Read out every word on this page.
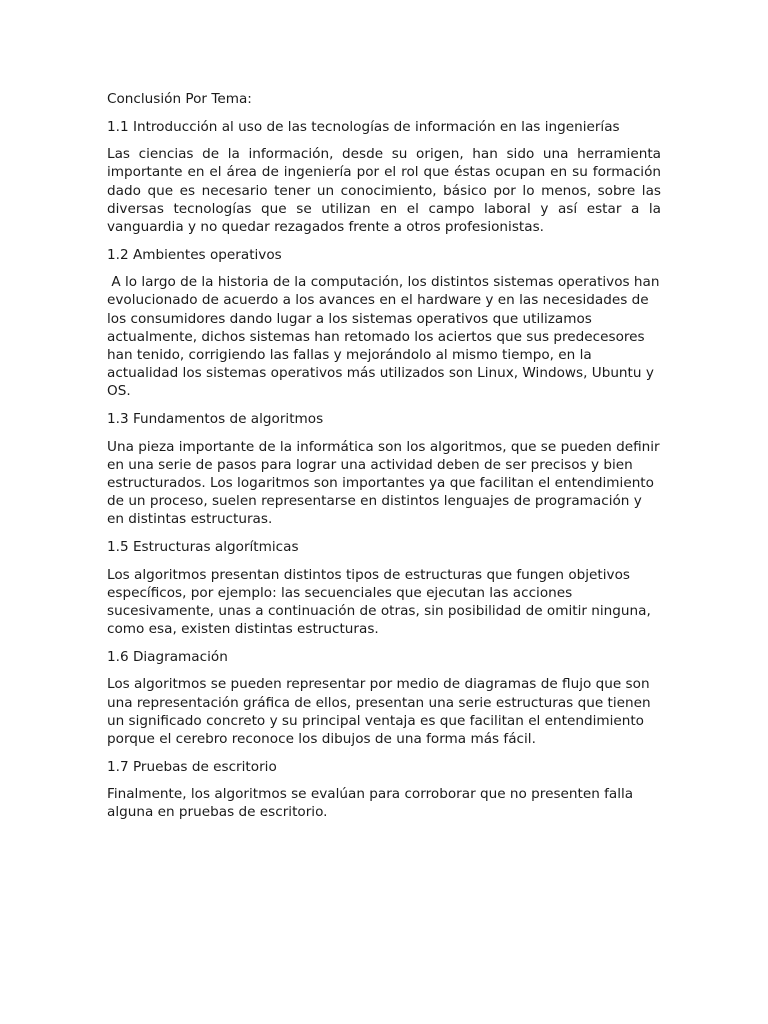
Conclusión Por Tema:

1.1 Introducción al uso de las tecnologías de información en las ingenierías

Las ciencias de la información, desde su origen, han sido una herramienta importante en el área de ingeniería por el rol que éstas ocupan en su formación dado que es necesario tener un conocimiento, básico por lo menos, sobre las diversas tecnologías que se utilizan en el campo laboral y así estar a la vanguardia y no quedar rezagados frente a otros profesionistas.

1.2 Ambientes operativos

A lo largo de la historia de la computación, los distintos sistemas operativos han evolucionado de acuerdo a los avances en el hardware y en las necesidades de los consumidores dando lugar a los sistemas operativos que utilizamos actualmente, dichos sistemas han retomado los aciertos que sus predecesores han tenido, corrigiendo las fallas y mejorándolo al mismo tiempo, en la actualidad los sistemas operativos más utilizados son Linux, Windows, Ubuntu y OS.

1.3 Fundamentos de algoritmos

Una pieza importante de la informática son los algoritmos, que se pueden definir en una serie de pasos para lograr una actividad deben de ser precisos y bien estructurados. Los logaritmos son importantes ya que facilitan el entendimiento de un proceso, suelen representarse en distintos lenguajes de programación y en distintas estructuras.

1.5 Estructuras algorítmicas

Los algoritmos presentan distintos tipos de estructuras que fungen objetivos específicos, por ejemplo: las secuenciales que ejecutan las acciones sucesivamente, unas a continuación de otras, sin posibilidad de omitir ninguna, como esa, existen distintas estructuras.

1.6 Diagramación

Los algoritmos se pueden representar por medio de diagramas de flujo que son una representación gráfica de ellos, presentan una serie estructuras que tienen un significado concreto y su principal ventaja es que facilitan el entendimiento porque el cerebro reconoce los dibujos de una forma más fácil.

1.7 Pruebas de escritorio

Finalmente, los algoritmos se evalúan para corroborar que no presenten falla alguna en pruebas de escritorio.
